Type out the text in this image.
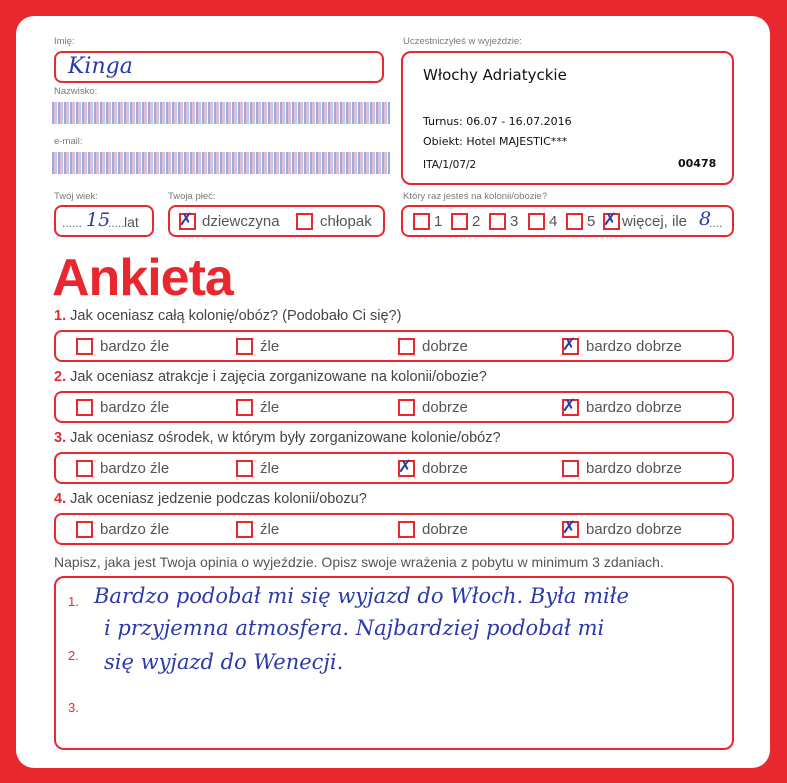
Imię:
Kinga
Nazwisko:
e-mail:
Uczestniczyłeś w wyjeździe:
Włochy Adriatyckie
Turnus: 06.07 - 16.07.2016
Obiekt: Hotel MAJESTIC***
ITA/1/07/2	00478
Twój wiek:
...... 15
..... lat
Twoja płeć:
✗ dziewczyna	chłopak
Który raz jesteś na kolonii/obozie?
1 2 3 4 5 ✗ więcej, ile 8
....
Ankieta
1. Jak oceniasz całą kolonię/obóz? (Podobało Ci się?)
bardzo źle	źle	dobrze	✗ bardzo dobrze
2. Jak oceniasz atrakcje i zajęcia zorganizowane na kolonii/obozie?
bardzo źle	źle	dobrze	✗ bardzo dobrze
3. Jak oceniasz ośrodek, w którym były zorganizowane kolonie/obóz?
bardzo źle	źle	✗ dobrze	bardzo dobrze
4. Jak oceniasz jedzenie podczas kolonii/obozu?
bardzo źle	źle	dobrze	✗ bardzo dobrze
Napisz, jaka jest Twoja opinia o wyjeździe. Opisz swoje wrażenia z pobytu w minimum 3 zdaniach.
1.
2.
3.
Bardzo podobał mi się wyjazd do Włoch. Była miłe
i przyjemna atmosfera. Najbardziej podobał mi
się wyjazd do Wenecji.
